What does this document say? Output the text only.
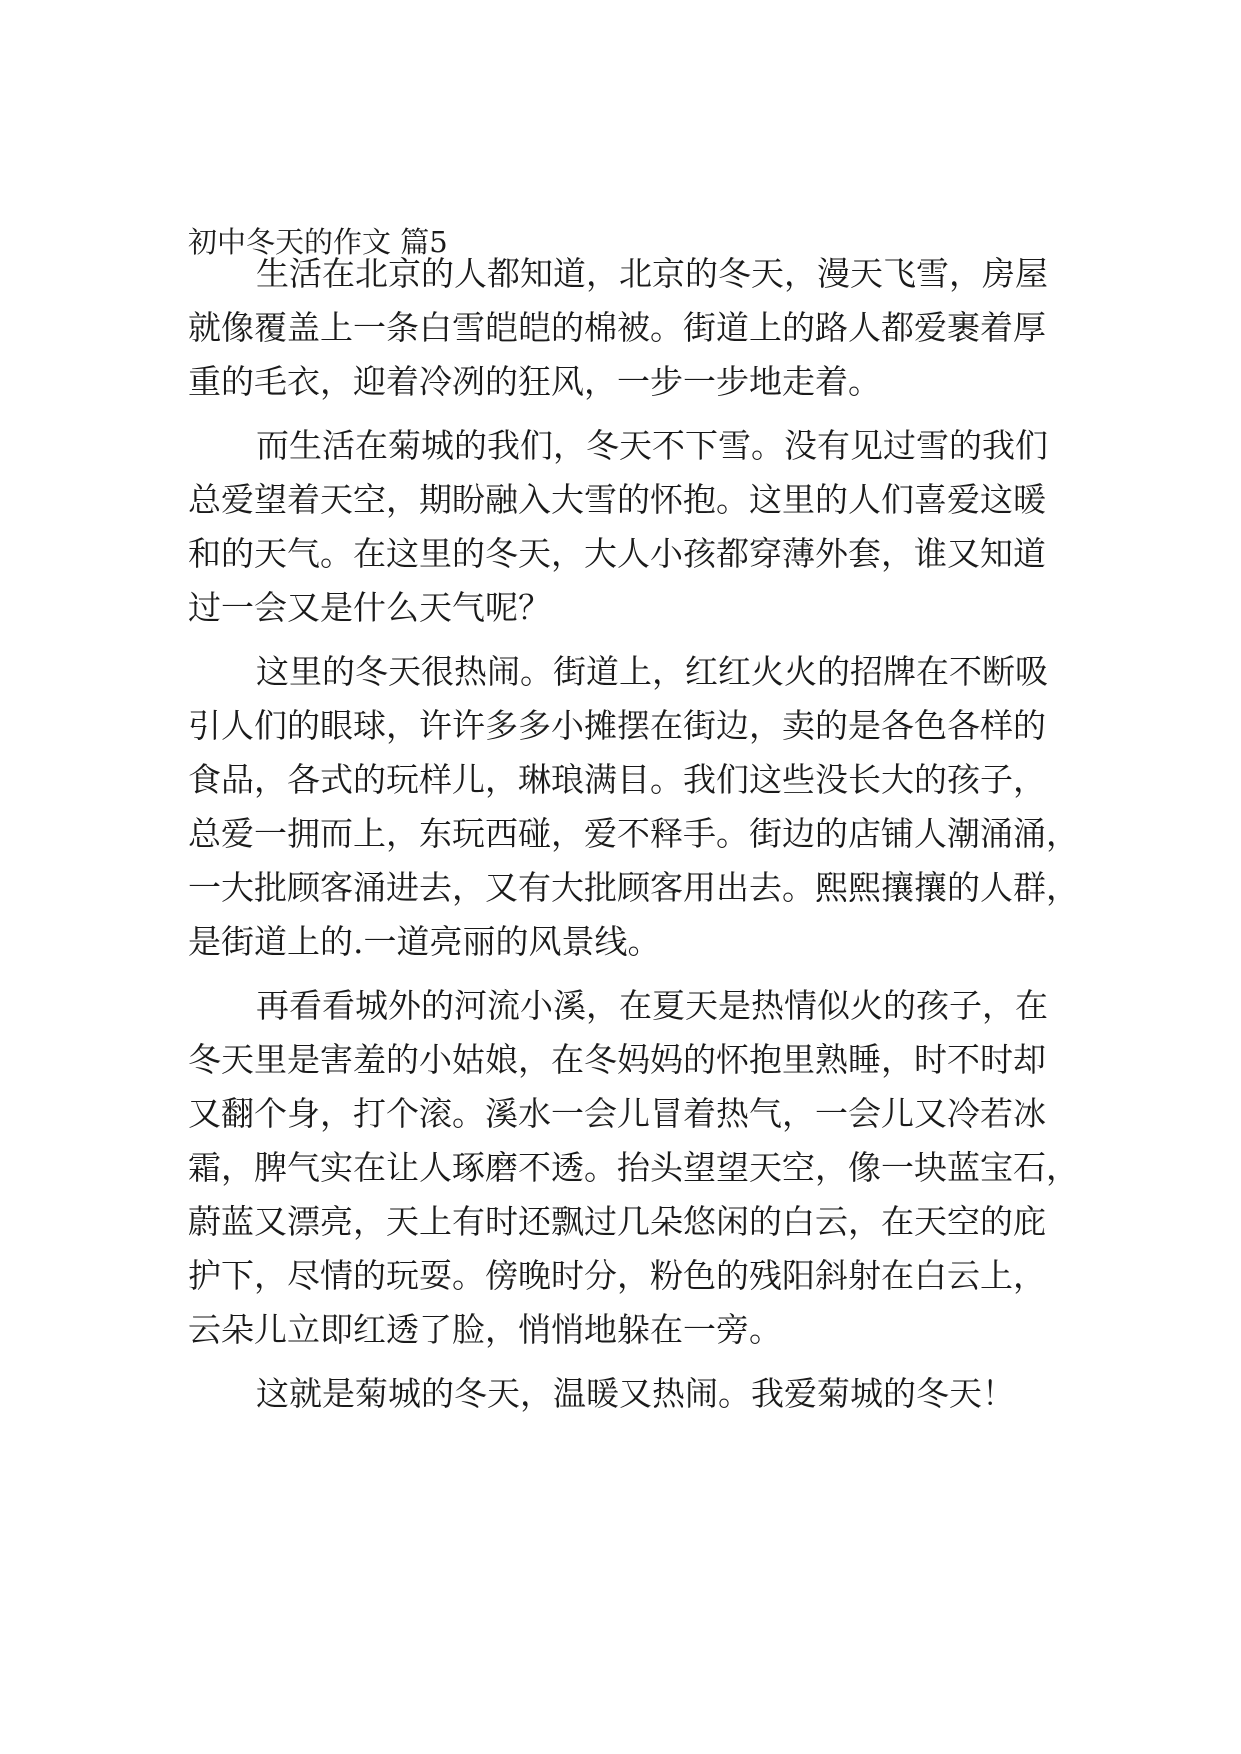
初中冬天的作文 篇5
生活在北京的人都知道，北京的冬天，漫天飞雪，房屋
就像覆盖上一条白雪皑皑的棉被。街道上的路人都爱裹着厚
重的毛衣，迎着冷冽的狂风，一步一步地走着。
而生活在菊城的我们，冬天不下雪。没有见过雪的我们
总爱望着天空，期盼融入大雪的怀抱。这里的人们喜爱这暖
和的天气。在这里的冬天，大人小孩都穿薄外套，谁又知道
过一会又是什么天气呢？
这里的冬天很热闹。街道上，红红火火的招牌在不断吸
引人们的眼球，许许多多小摊摆在街边，卖的是各色各样的
食品，各式的玩样儿，琳琅满目。我们这些没长大的孩子，
总爱一拥而上，东玩西碰，爱不释手。街边的店铺人潮涌涌，
一大批顾客涌进去，又有大批顾客用出去。熙熙攘攘的人群，
是街道上的.一道亮丽的风景线。
再看看城外的河流小溪，在夏天是热情似火的孩子，在
冬天里是害羞的小姑娘，在冬妈妈的怀抱里熟睡，时不时却
又翻个身，打个滚。溪水一会儿冒着热气，一会儿又冷若冰
霜，脾气实在让人琢磨不透。抬头望望天空，像一块蓝宝石，
蔚蓝又漂亮，天上有时还飘过几朵悠闲的白云，在天空的庇
护下，尽情的玩耍。傍晚时分，粉色的残阳斜射在白云上，
云朵儿立即红透了脸，悄悄地躲在一旁。
这就是菊城的冬天，温暖又热闹。我爱菊城的冬天！
